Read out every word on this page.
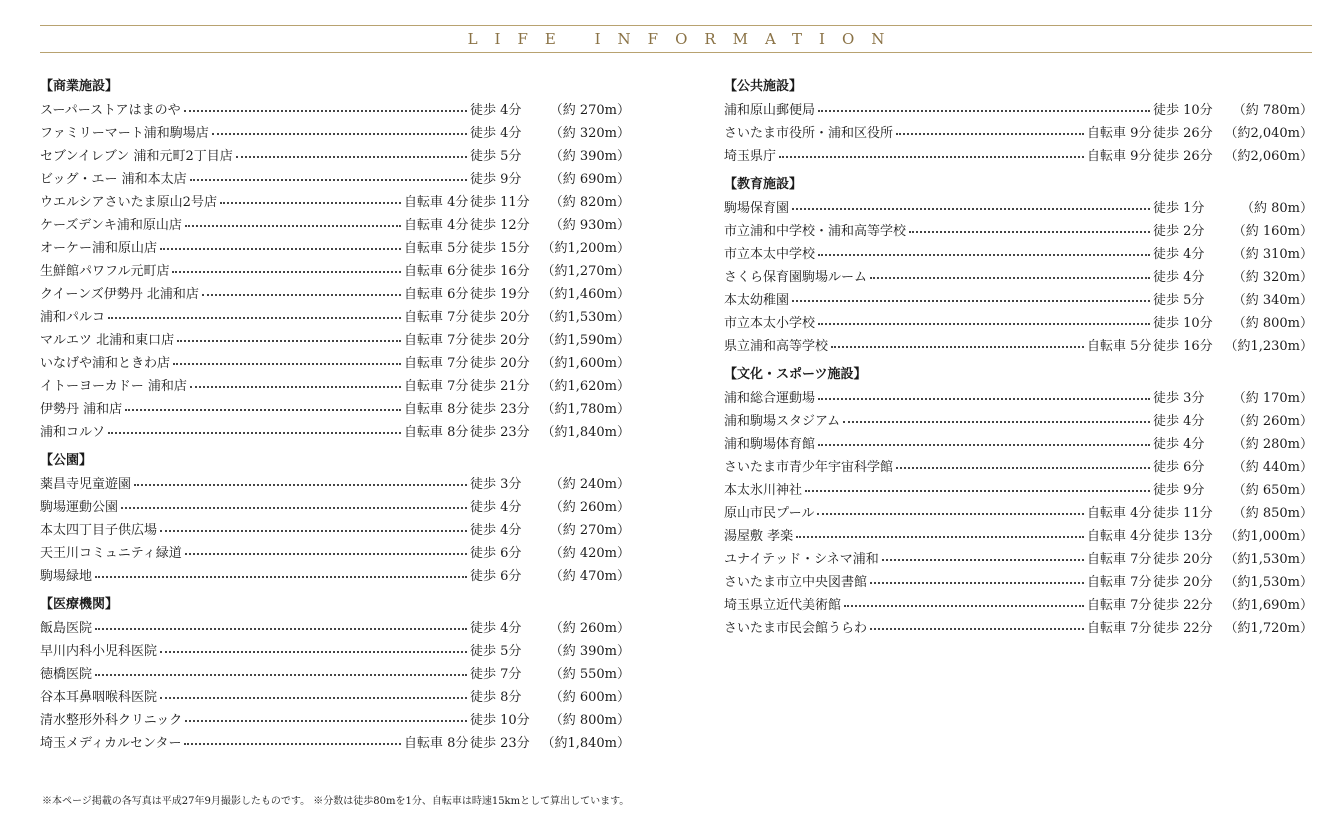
LIFE INFORMATION
【商業施設】
スーパーストアはまのや	徒歩 4分	（約 270m）
ファミリーマート浦和駒場店	徒歩 4分	（約 320m）
セブンイレブン 浦和元町2丁目店	徒歩 5分	（約 390m）
ビッグ・エー 浦和本太店	徒歩 9分	（約 690m）
ウエルシアさいたま原山2号店	自転車 4分 徒歩 11分	（約 820m）
ケーズデンキ浦和原山店	自転車 4分 徒歩 12分	（約 930m）
オーケー浦和原山店	自転車 5分 徒歩 15分 （約1,200m）
生鮮館パワフル元町店	自転車 6分 徒歩 16分 （約1,270m）
クイーンズ伊勢丹 北浦和店	自転車 6分 徒歩 19分 （約1,460m）
浦和パルコ	自転車 7分 徒歩 20分 （約1,530m）
マルエツ 北浦和東口店	自転車 7分 徒歩 20分 （約1,590m）
いなげや浦和ときわ店	自転車 7分 徒歩 20分 （約1,600m）
イトーヨーカドー 浦和店	自転車 7分 徒歩 21分 （約1,620m）
伊勢丹 浦和店	自転車 8分 徒歩 23分 （約1,780m）
浦和コルソ	自転車 8分 徒歩 23分 （約1,840m）
【公園】
薬昌寺児童遊園	徒歩 3分	（約 240m）
駒場運動公園	徒歩 4分	（約 260m）
本太四丁目子供広場	徒歩 4分	（約 270m）
天王川コミュニティ緑道	徒歩 6分	（約 420m）
駒場緑地	徒歩 6分	（約 470m）
【医療機関】
飯島医院	徒歩 4分	（約 260m）
早川内科小児科医院	徒歩 5分	（約 390m）
徳橋医院	徒歩 7分	（約 550m）
谷本耳鼻咽喉科医院	徒歩 8分	（約 600m）
清水整形外科クリニック	徒歩 10分	（約 800m）
埼玉メディカルセンター	自転車 8分 徒歩 23分 （約1,840m）
【公共施設】
浦和原山郵便局	徒歩 10分	（約 780m）
さいたま市役所・浦和区役所	自転車 9分 徒歩 26分 （約2,040m）
埼玉県庁	自転車 9分 徒歩 26分 （約2,060m）
【教育施設】
駒場保育園	徒歩 1分	（約 80m）
市立浦和中学校・浦和高等学校	徒歩 2分	（約 160m）
市立本太中学校	徒歩 4分	（約 310m）
さくら保育園駒場ルーム	徒歩 4分	（約 320m）
本太幼稚園	徒歩 5分	（約 340m）
市立本太小学校	徒歩 10分	（約 800m）
県立浦和高等学校	自転車 5分 徒歩 16分 （約1,230m）
【文化・スポーツ施設】
浦和総合運動場	徒歩 3分	（約 170m）
浦和駒場スタジアム	徒歩 4分	（約 260m）
浦和駒場体育館	徒歩 4分	（約 280m）
さいたま市青少年宇宙科学館	徒歩 6分	（約 440m）
本太氷川神社	徒歩 9分	（約 650m）
原山市民プール	自転車 4分 徒歩 11分	（約 850m）
湯屋敷 孝楽	自転車 4分 徒歩 13分 （約1,000m）
ユナイテッド・シネマ浦和	自転車 7分 徒歩 20分 （約1,530m）
さいたま市立中央図書館	自転車 7分 徒歩 20分 （約1,530m）
埼玉県立近代美術館	自転車 7分 徒歩 22分 （約1,690m）
さいたま市民会館うらわ	自転車 7分 徒歩 22分 （約1,720m）
※本ページ掲載の各写真は平成27年9月撮影したものです。 ※分数は徒歩80mを1分、自転車は時速15kmとして算出しています。
